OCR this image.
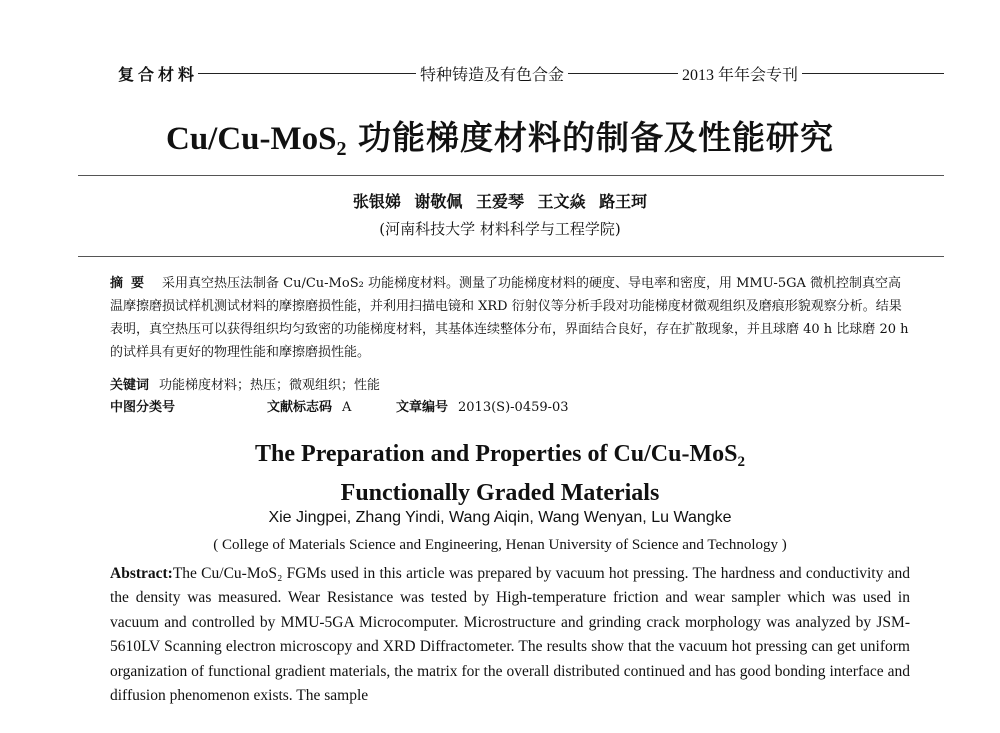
复合材料	特种铸造及有色合金	2013 年年会专刊
Cu/Cu-MoS$_2$ 功能梯度材料的制备及性能研究
张银娣 谢敬佩 王爱琴 王文焱 路王珂
(河南科技大学 材料科学与工程学院)
摘要 采用真空热压法制备 Cu/Cu-MoS₂ 功能梯度材料。测量了功能梯度材料的硬度、导电率和密度，用 MMU-5GA 微机控制真空高温摩擦磨损试样机测试材料的摩擦磨损性能，并利用扫描电镜和 XRD 衍射仪等分析手段对功能梯度材微观组织及磨痕形貌观察分析。结果表明，真空热压可以获得组织均匀致密的功能梯度材料，其基体连续整体分布，界面结合良好，存在扩散现象，并且球磨 40 h 比球磨 20 h 的试样具有更好的物理性能和摩擦磨损性能。
关键词 功能梯度材料；热压；微观组织；性能
中图分类号	文献标志码 A	文章编号 2013(S)-0459-03
The Preparation and Properties of Cu/Cu-MoS$_2$
Functionally Graded Materials
Xie Jingpei, Zhang Yindi, Wang Aiqin, Wang Wenyan, Lu Wangke
( College of Materials Science and Engineering, Henan University of Science and Technology )
Abstract:The Cu/Cu-MoS₂ FGMs used in this article was prepared by vacuum hot pressing. The hardness and conductivity and the density was measured. Wear Resistance was tested by High-temperature friction and wear sampler which was used in vacuum and controlled by MMU-5GA Microcomputer. Microstructure and grinding crack morphology was analyzed by JSM-5610LV Scanning electron microscopy and XRD Diffractometer. The results show that the vacuum hot pressing can get uniform organization of functional gradient materials, the matrix for the overall distributed continued and has good bonding interface and diffusion phenomenon exists. The sample
